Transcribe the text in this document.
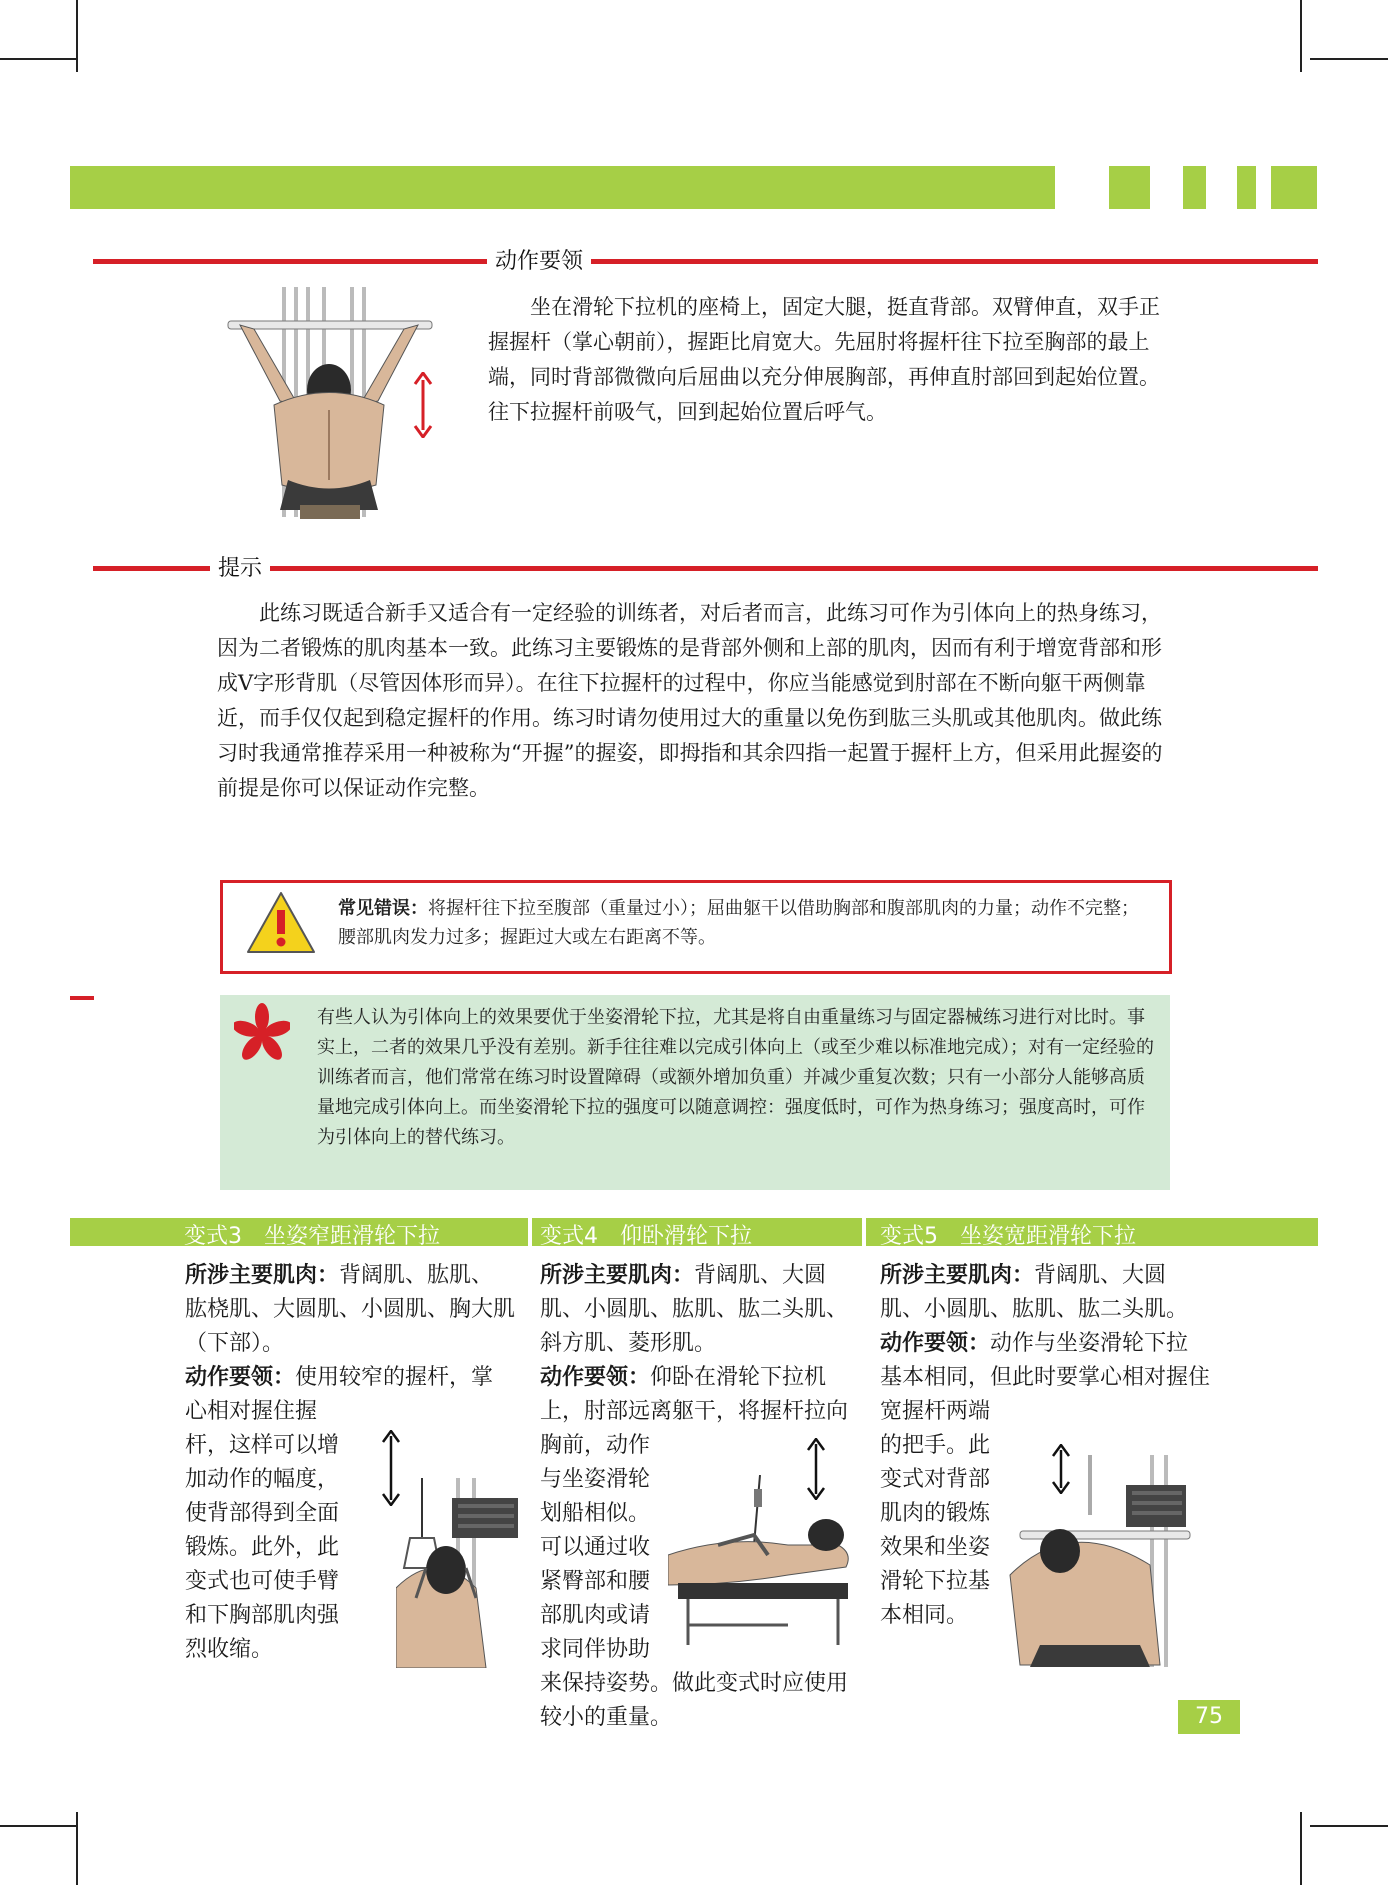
动作要领
坐在滑轮下拉机的座椅上，固定大腿，挺直背部。双臂伸直，双手正握握杆（掌心朝前），握距比肩宽大。先屈肘将握杆往下拉至胸部的最上端，同时背部微微向后屈曲以充分伸展胸部，再伸直肘部回到起始位置。往下拉握杆前吸气，回到起始位置后呼气。
提示
此练习既适合新手又适合有一定经验的训练者，对后者而言，此练习可作为引体向上的热身练习，因为二者锻炼的肌肉基本一致。此练习主要锻炼的是背部外侧和上部的肌肉，因而有利于增宽背部和形成V字形背肌（尽管因体形而异）。在往下拉握杆的过程中，你应当能感觉到肘部在不断向躯干两侧靠近，而手仅仅起到稳定握杆的作用。练习时请勿使用过大的重量以免伤到肱三头肌或其他肌肉。做此练习时我通常推荐采用一种被称为“开握”的握姿，即拇指和其余四指一起置于握杆上方，但采用此握姿的前提是你可以保证动作完整。
常见错误：将握杆往下拉至腹部（重量过小）；屈曲躯干以借助胸部和腹部肌肉的力量；动作不完整；腰部肌肉发力过多；握距过大或左右距离不等。
有些人认为引体向上的效果要优于坐姿滑轮下拉，尤其是将自由重量练习与固定器械练习进行对比时。事实上，二者的效果几乎没有差别。新手往往难以完成引体向上（或至少难以标准地完成）；对有一定经验的训练者而言，他们常常在练习时设置障碍（或额外增加负重）并减少重复次数；只有一小部分人能够高质量地完成引体向上。而坐姿滑轮下拉的强度可以随意调控：强度低时，可作为热身练习；强度高时，可作为引体向上的替代练习。
变式3　坐姿窄距滑轮下拉	变式4　仰卧滑轮下拉	变式5　坐姿宽距滑轮下拉
所涉主要肌肉：背阔肌、肱肌、肱桡肌、大圆肌、小圆肌、胸大肌（下部）。
动作要领：使用较窄的握杆，掌心相对握住握杆，这样可以增加动作的幅度，使背部得到全面锻炼。此外，此变式也可使手臂和下胸部肌肉强烈收缩。
所涉主要肌肉：背阔肌、大圆肌、小圆肌、肱肌、肱二头肌、斜方肌、菱形肌。
动作要领：仰卧在滑轮下拉机上，肘部远离躯干，将握杆拉向胸前，动作与坐姿滑轮划船相似。可以通过收紧臀部和腰部肌肉或请求同伴协助来保持姿势。做此变式时应使用较小的重量。
所涉主要肌肉：背阔肌、大圆肌、小圆肌、肱肌、肱二头肌。
动作要领：动作与坐姿滑轮下拉基本相同，但此时要掌心相对握住宽握杆两端的把手。此变式对背部肌肉的锻炼效果和坐姿滑轮下拉基本相同。
75
